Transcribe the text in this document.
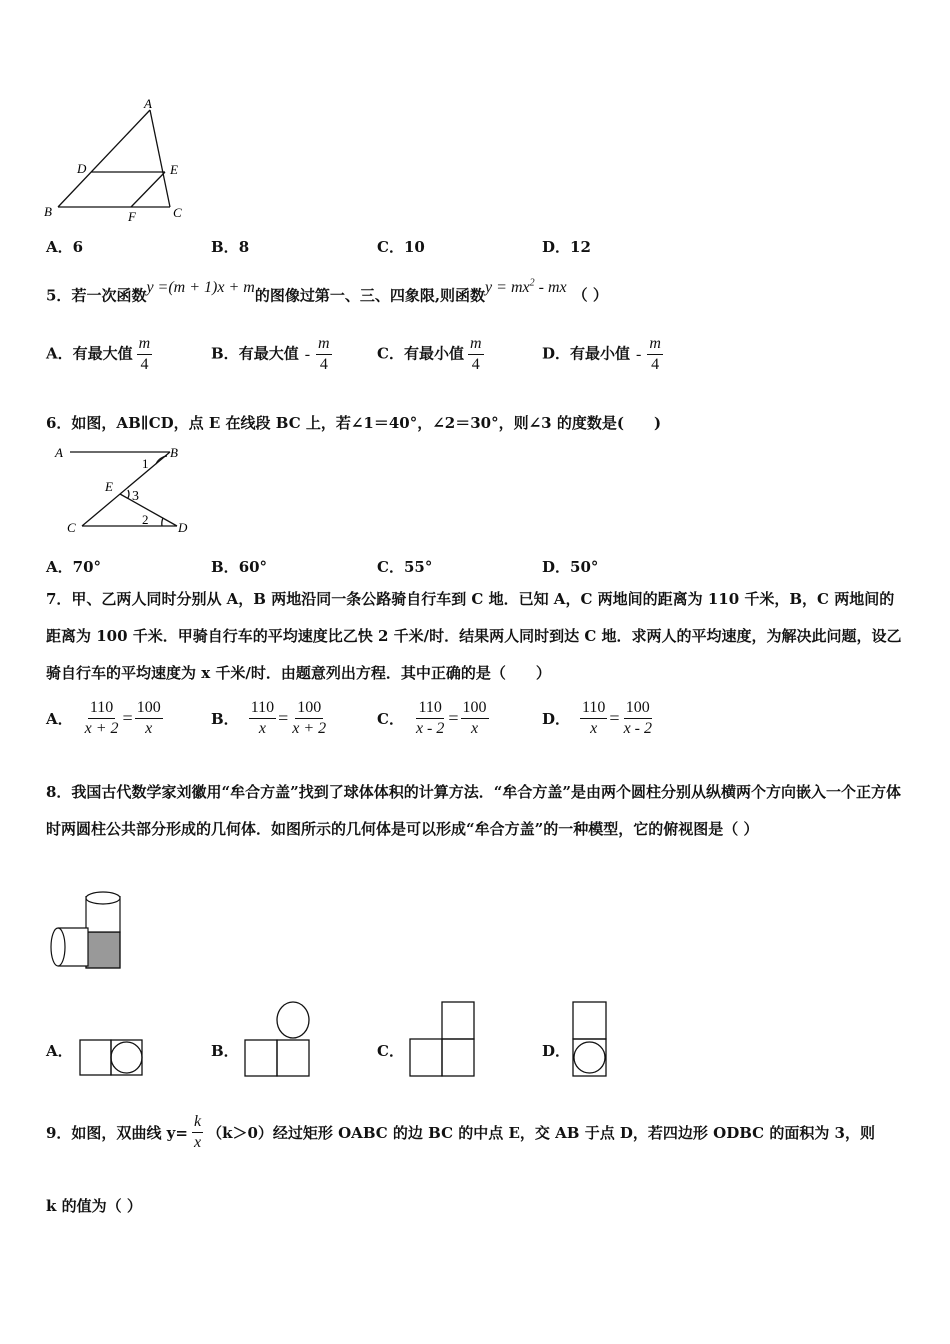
A
D	E
B	F	C
A．6	B．8	C．10	D．12
5．若一次函数y =(m + 1)x + m的图像过第一、三、四象限,则函数$y = mx^2$ - mx （ ）
A．有最大值 $\frac{m}{4}$	B．有最大值 - $\frac{m}{4}$	C．有最小值 $\frac{m}{4}$	D．有最小值 - $\frac{m}{4}$
6．如图，AB∥CD，点 E 在线段 BC 上，若∠1＝40°，∠2＝30°，则∠3 的度数是(　　)
A	B
1
E
3
2
C	D
A．70°	B．60°	C．55°	D．50°
7．甲、乙两人同时分别从 A，B 两地沿同一条公路骑自行车到 C 地．已知 A，C 两地间的距离为 110 千米，B，C 两地间的距离为 100 千米．甲骑自行车的平均速度比乙快 2 千米/时．结果两人同时到达 C 地．求两人的平均速度，为解决此问题，设乙骑自行车的平均速度为 x 千米/时．由题意列出方程．其中正确的是（　　）
A． $\frac{110}{x + 2} = \frac{100}{x}$	B． $\frac{110}{x} = \frac{100}{x + 2}$	C． $\frac{110}{x - 2} = \frac{100}{x}$	D． $\frac{110}{x} = \frac{100}{x - 2}$
8．我国古代数学家刘徽用“牟合方盖”找到了球体体积的计算方法．“牟合方盖”是由两个圆柱分别从纵横两个方向嵌入一个正方体时两圆柱公共部分形成的几何体．如图所示的几何体是可以形成“牟合方盖”的一种模型，它的俯视图是（ ）
A．	B．	C．	D．
9．如图，双曲线 $y= \frac{k}{x} (k>0)$经过矩形 OABC 的边 BC 的中点 E，交 AB 于点 D，若四边形 ODBC 的面积为 3，则
k 的值为（ ）
